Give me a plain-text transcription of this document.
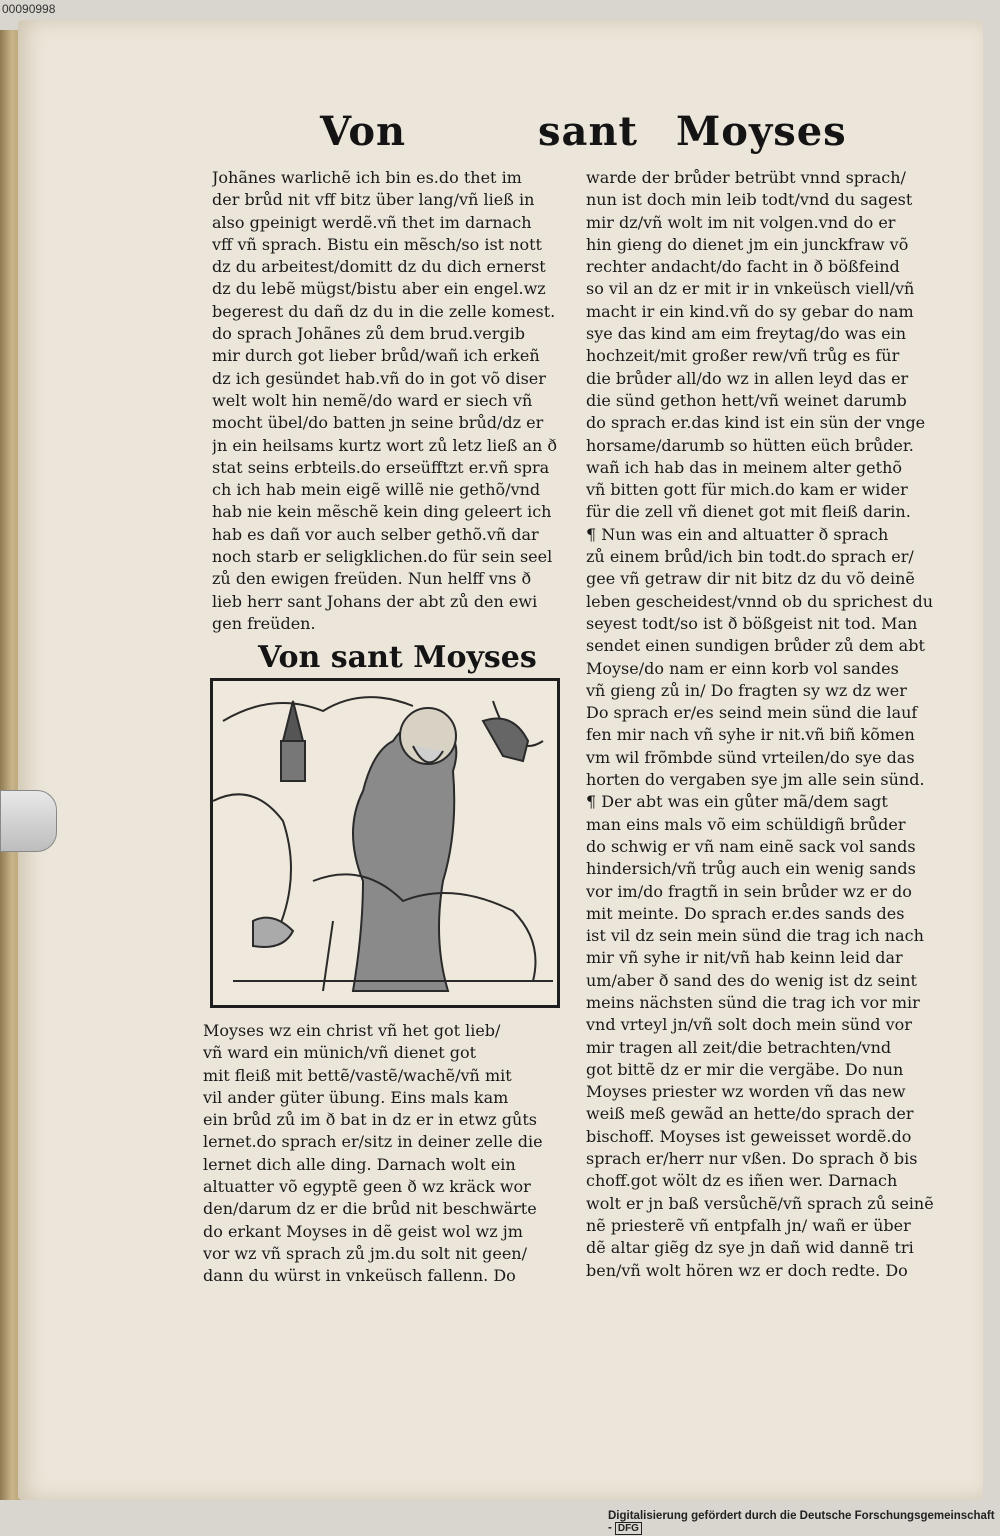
00090998
Von	sant Moyses
Johãnes warlichẽ ich bin es.do thet im
der brůd nit vff bitz über lang/vñ ließ in
also gpeinigt werdẽ.vñ thet im darnach
vff vñ sprach. Bistu ein mẽsch/so ist nott
dz du arbeitest/domitt dz du dich ernerst
dz du lebẽ mügst/bistu aber ein engel.wz
begerest du dañ dz du in die zelle komest.
do sprach Johãnes zů dem brud.vergib
mir durch got lieber brůd/wañ ich erkeñ
dz ich gesündet hab.vñ do in got võ diser
welt wolt hin nemẽ/do ward er siech vñ
mocht übel/do batten jn seine brůd/dz er
jn ein heilsams kurtz wort zů letz ließ an ð
stat seins erbteils.do erseüfftzt er.vñ spra
ch ich hab mein eigẽ willẽ nie gethõ/vnd
hab nie kein mẽschẽ kein ding geleert ich
hab es dañ vor auch selber gethõ.vñ dar
noch starb er seligklichen.do für sein seel
zů den ewigen freüden. Nun helff vns ð
lieb herr sant Johans der abt zů den ewi
gen freüden.
Von sant Moyses
Moyses wz ein christ vñ het got lieb/
vñ ward ein münich/vñ dienet got
mit fleiß mit bettẽ/vastẽ/wachẽ/vñ mit
vil ander güter übung. Eins mals kam
ein brůd zů im ð bat in dz er in etwz gůts
lernet.do sprach er/sitz in deiner zelle die
lernet dich alle ding. Darnach wolt ein
altuatter võ egyptẽ geen ð wz kräck wor
den/darum dz er die brůd nit beschwärte
do erkant Moyses in dẽ geist wol wz jm
vor wz vñ sprach zů jm.du solt nit geen/
dann du würst in vnkeüsch fallenn. Do
warde der brůder betrübt vnnd sprach/
nun ist doch min leib todt/vnd du sagest
mir dz/vñ wolt im nit volgen.vnd do er
hin gieng do dienet jm ein junckfraw võ
rechter andacht/do facht in ð bößfeind
so vil an dz er mit ir in vnkeüsch viell/vñ
macht ir ein kind.vñ do sy gebar do nam
sye das kind am eim freytag/do was ein
hochzeit/mit großer rew/vñ trůg es für
die brůder all/do wz in allen leyd das er
die sünd gethon hett/vñ weinet darumb
do sprach er.das kind ist ein sün der vnge
horsame/darumb so hütten eüch brůder.
wañ ich hab das in meinem alter gethõ
vñ bitten gott für mich.do kam er wider
für die zell vñ dienet got mit fleiß darin.
¶ Nun was ein and altuatter ð sprach
zů einem brůd/ich bin todt.do sprach er/
gee vñ getraw dir nit bitz dz du võ deinẽ
leben gescheidest/vnnd ob du sprichest du
seyest todt/so ist ð bößgeist nit tod. Man
sendet einen sundigen brůder zů dem abt
Moyse/do nam er einn korb vol sandes
vñ gieng zů in/ Do fragten sy wz dz wer
Do sprach er/es seind mein sünd die lauf
fen mir nach vñ syhe ir nit.vñ biñ kõmen
vm wil frõmbde sünd vrteilen/do sye das
horten do vergaben sye jm alle sein sünd.
¶ Der abt was ein gůter mã/dem sagt
man eins mals võ eim schüldigñ brůder
do schwig er vñ nam einẽ sack vol sands
hindersich/vñ trůg auch ein wenig sands
vor im/do fragtñ in sein brůder wz er do
mit meinte. Do sprach er.des sands des
ist vil dz sein mein sünd die trag ich nach
mir vñ syhe ir nit/vñ hab keinn leid dar
um/aber ð sand des do wenig ist dz seint
meins nächsten sünd die trag ich vor mir
vnd vrteyl jn/vñ solt doch mein sünd vor
mir tragen all zeit/die betrachten/vnd
got bittẽ dz er mir die vergäbe. Do nun
Moyses priester wz worden vñ das new
weiß meß gewãd an hette/do sprach der
bischoff. Moyses ist geweisset wordẽ.do
sprach er/herr nur vßen. Do sprach ð bis
choff.got wölt dz es iñen wer. Darnach
wolt er jn baß versůchẽ/vñ sprach zů seinẽ
nẽ priesterẽ vñ entpfalh jn/ wañ er über
dẽ altar giẽg dz sye jn dañ wid dannẽ tri
ben/vñ wolt hören wz er doch redte. Do
Digitalisierung gefördert durch die Deutsche Forschungsgemeinschaft - DFG
